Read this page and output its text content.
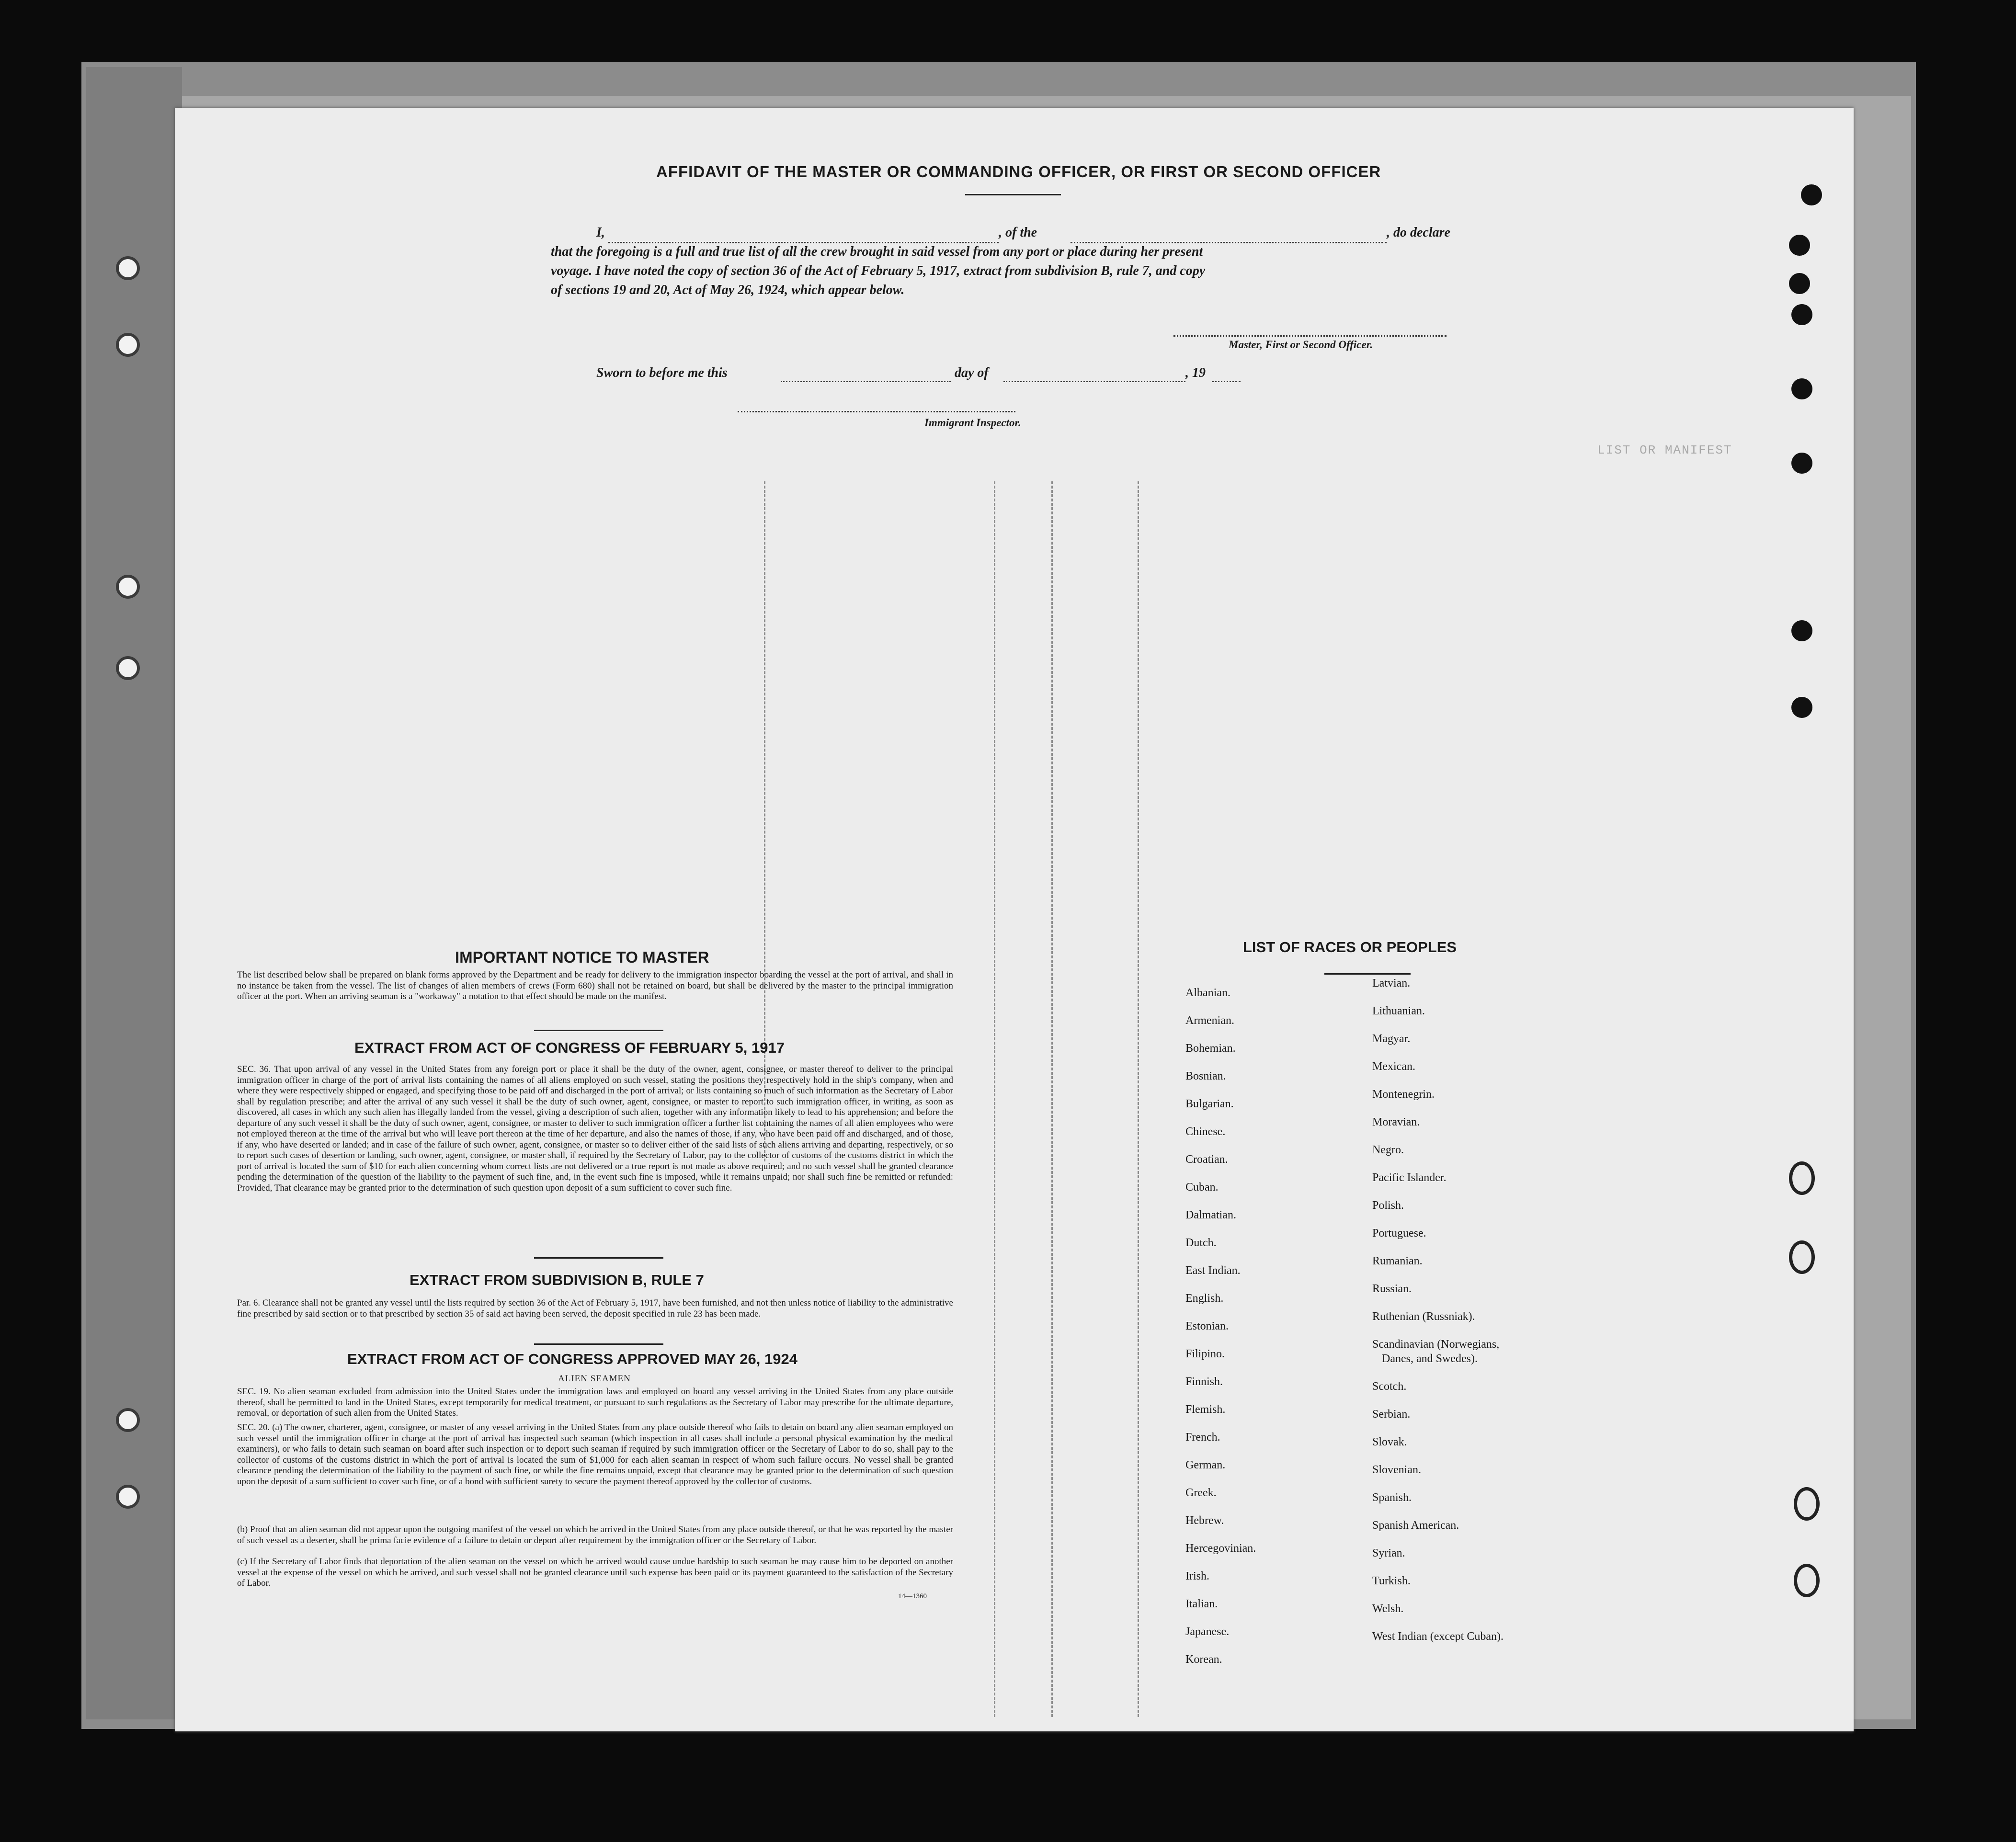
LIST OR MANIFEST
AFFIDAVIT OF THE MASTER OR COMMANDING OFFICER, OR FIRST OR SECOND OFFICER
I,	, of the	, do declare
that the foregoing is a full and true list of all the crew brought in said vessel from any port or place during her present
voyage. I have noted the copy of section 36 of the Act of February 5, 1917, extract from subdivision B, rule 7, and copy
of sections 19 and 20, Act of May 26, 1924, which appear below.
Master, First or Second Officer.
Sworn to before me this	day of	, 19
Immigrant Inspector.
IMPORTANT NOTICE TO MASTER
The list described below shall be prepared on blank forms approved by the Department and be ready for delivery to the immigration inspector boarding the vessel at the port of arrival, and shall in no instance be taken from the vessel. The list of changes of alien members of crews (Form 680) shall not be retained on board, but shall be delivered by the master to the principal immigration officer at the port. When an arriving seaman is a "workaway" a notation to that effect should be made on the manifest.
EXTRACT FROM ACT OF CONGRESS OF FEBRUARY 5, 1917
SEC. 36. That upon arrival of any vessel in the United States from any foreign port or place it shall be the duty of the owner, agent, consignee, or master thereof to deliver to the principal immigration officer in charge of the port of arrival lists containing the names of all aliens employed on such vessel, stating the positions they respectively hold in the ship's company, when and where they were respectively shipped or engaged, and specifying those to be paid off and discharged in the port of arrival; or lists containing so much of such information as the Secretary of Labor shall by regulation prescribe; and after the arrival of any such vessel it shall be the duty of such owner, agent, consignee, or master to report to such immigration officer, in writing, as soon as discovered, all cases in which any such alien has illegally landed from the vessel, giving a description of such alien, together with any information likely to lead to his apprehension; and before the departure of any such vessel it shall be the duty of such owner, agent, consignee, or master to deliver to such immigration officer a further list containing the names of all alien employees who were not employed thereon at the time of the arrival but who will leave port thereon at the time of her departure, and also the names of those, if any, who have been paid off and discharged, and of those, if any, who have deserted or landed; and in case of the failure of such owner, agent, consignee, or master so to deliver either of the said lists of such aliens arriving and departing, respectively, or so to report such cases of desertion or landing, such owner, agent, consignee, or master shall, if required by the Secretary of Labor, pay to the collector of customs of the customs district in which the port of arrival is located the sum of $10 for each alien concerning whom correct lists are not delivered or a true report is not made as above required; and no such vessel shall be granted clearance pending the determination of the question of the liability to the payment of such fine, and, in the event such fine is imposed, while it remains unpaid; nor shall such fine be remitted or refunded: Provided, That clearance may be granted prior to the determination of such question upon deposit of a sum sufficient to cover such fine.
EXTRACT FROM SUBDIVISION B, RULE 7
Par. 6. Clearance shall not be granted any vessel until the lists required by section 36 of the Act of February 5, 1917, have been furnished, and not then unless notice of liability to the administrative fine prescribed by said section or to that prescribed by section 35 of said act having been served, the deposit specified in rule 23 has been made.
EXTRACT FROM ACT OF CONGRESS APPROVED MAY 26, 1924
ALIEN SEAMEN
SEC. 19. No alien seaman excluded from admission into the United States under the immigration laws and employed on board any vessel arriving in the United States from any place outside thereof, shall be permitted to land in the United States, except temporarily for medical treatment, or pursuant to such regulations as the Secretary of Labor may prescribe for the ultimate departure, removal, or deportation of such alien from the United States.
SEC. 20. (a) The owner, charterer, agent, consignee, or master of any vessel arriving in the United States from any place outside thereof who fails to detain on board any alien seaman employed on such vessel until the immigration officer in charge at the port of arrival has inspected such seaman (which inspection in all cases shall include a personal physical examination by the medical examiners), or who fails to detain such seaman on board after such inspection or to deport such seaman if required by such immigration officer or the Secretary of Labor to do so, shall pay to the collector of customs of the customs district in which the port of arrival is located the sum of $1,000 for each alien seaman in respect of whom such failure occurs. No vessel shall be granted clearance pending the determination of the liability to the payment of such fine, or while the fine remains unpaid, except that clearance may be granted prior to the determination of such question upon the deposit of a sum sufficient to cover such fine, or of a bond with sufficient surety to secure the payment thereof approved by the collector of customs.
(b) Proof that an alien seaman did not appear upon the outgoing manifest of the vessel on which he arrived in the United States from any place outside thereof, or that he was reported by the master of such vessel as a deserter, shall be prima facie evidence of a failure to detain or deport after requirement by the immigration officer or the Secretary of Labor.
(c) If the Secretary of Labor finds that deportation of the alien seaman on the vessel on which he arrived would cause undue hardship to such seaman he may cause him to be deported on another vessel at the expense of the vessel on which he arrived, and such vessel shall not be granted clearance until such expense has been paid or its payment guaranteed to the satisfaction of the Secretary of Labor.
14—1360
LIST OF RACES OR PEOPLES
Albanian.
Armenian.
Bohemian.
Bosnian.
Bulgarian.
Chinese.
Croatian.
Cuban.
Dalmatian.
Dutch.
East Indian.
English.
Estonian.
Filipino.
Finnish.
Flemish.
French.
German.
Greek.
Hebrew.
Hercegovinian.
Irish.
Italian.
Japanese.
Korean.
Latvian.
Lithuanian.
Magyar.
Mexican.
Montenegrin.
Moravian.
Negro.
Pacific Islander.
Polish.
Portuguese.
Rumanian.
Russian.
Ruthenian (Russniak).
Scandinavian (Norwegians,
Danes, and Swedes).
Scotch.
Serbian.
Slovak.
Slovenian.
Spanish.
Spanish American.
Syrian.
Turkish.
Welsh.
West Indian (except Cuban).
